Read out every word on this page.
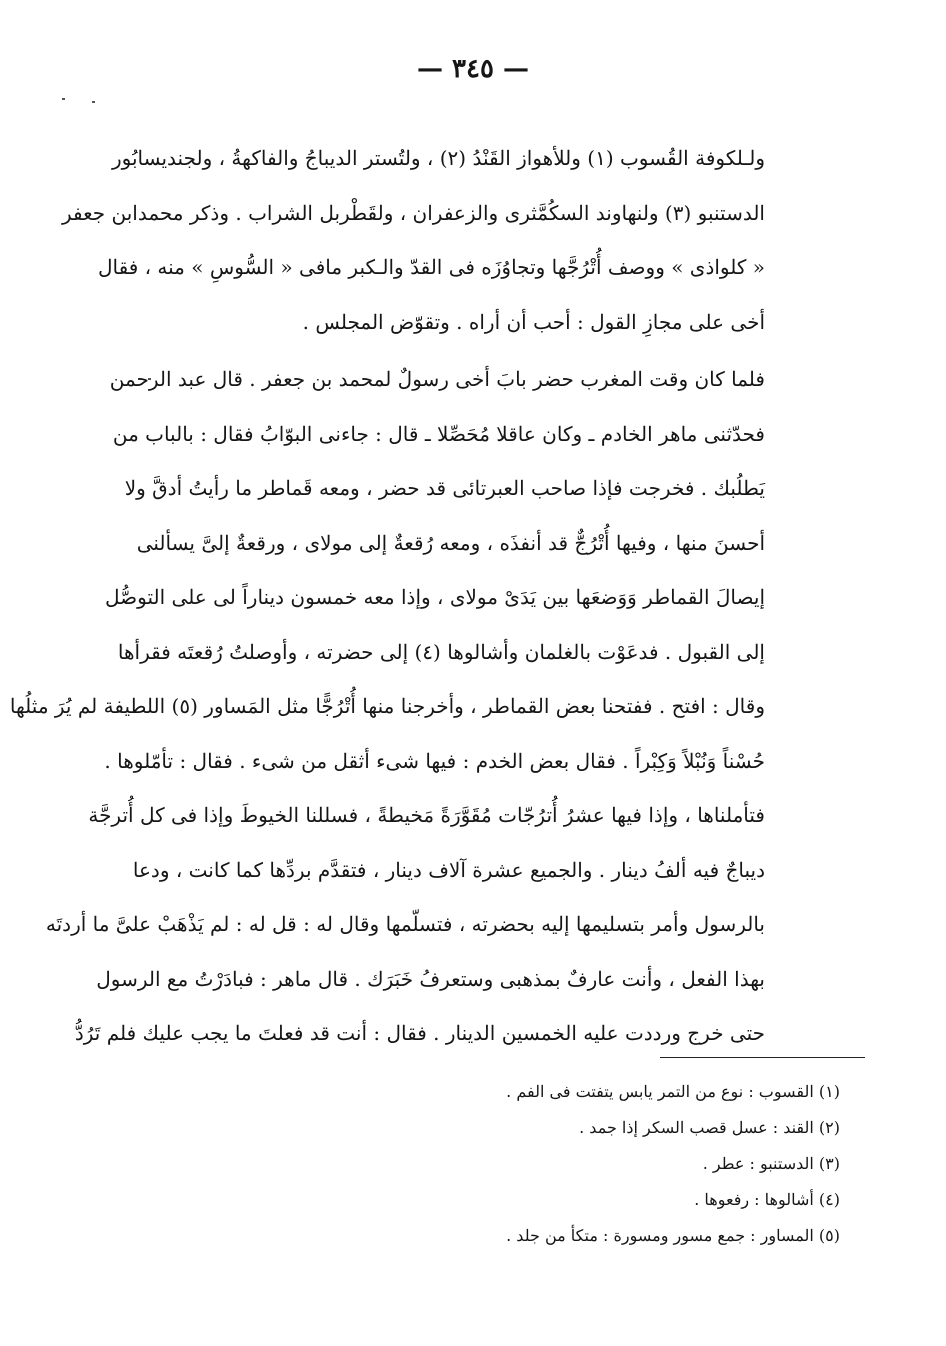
— ٣٤٥ —
ولـلكوفة القُسوب (١) وللأهواز القَنْدُ (٢) ، ولتُستر الديباجُ والفاكهةُ ، ولجنديسابُور
الدستنبو (٣) ولنهاوند السكُمَّثرى والزعفران ، ولقَطْربل الشراب . وذكر محمدابن جعفر
« كلواذى » ووصف أُتْرُجَّها وتجاوُزَه فى القدّ والـكبر مافى « السُّوسِ » منه ، فقال
أخى على مجازِ القول : أحب أن أراه . وتقوّض المجلس .
فلما كان وقت المغرب حضر بابَ أخى رسولٌ لمحمد بن جعفر . قال عبد الرحمن
فحدّثنى ماهر الخادم ـ وكان عاقلا مُحَصِّلا ـ قال : جاءنى البوّابُ فقال : بالباب من
يَطلُبك . فخرجت فإذا صاحب العبرتائى قد حضر ، ومعه قَماطر ما رأيتُ أدقَّ ولا
أحسنَ منها ، وفيها أُتْرُجٌّ قد أنفذَه ، ومعه رُقعةٌ إلى مولاى ، ورقعةٌ إلىَّ يسألنى
إيصالَ القماطر وَوَضعَها بين يَدَىْ مولاى ، وإذا معه خمسون ديناراً لى على التوصُّل
إلى القبول . فدعَوْت بالغلمان وأشالوها (٤) إلى حضرته ، وأوصلتُ رُقعتَه فقرأها
وقال : افتح . ففتحنا بعض القماطر ، وأخرجنا منها أُتْرُجًّا مثل المَساور (٥) اللطيفة لم يُرَ مثلُها
حُسْناً وَنُبْلاً وَكِبْراً . فقال بعض الخدم : فيها شىء أثقل من شىء . فقال : تأمّلوها .
فتأملناها ، وإذا فيها عشرُ أُترُجّات مُقَوَّرَةً مَخيطةً ، فسللنا الخيوطَ وإذا فى كل أُترجَّة
ديباجٌ فيه ألفُ دينار . والجميع عشرة آلاف دينار ، فتقدَّم بردِّها كما كانت ، ودعا
بالرسول وأمر بتسليمها إليه بحضرته ، فتسلّمها وقال له : قل له : لم يَذْهَبْ علىَّ ما أردتَه
بهذا الفعل ، وأنت عارفٌ بمذهبى وستعرفُ خَبَرَك . قال ماهر : فبادَرْتُ مع الرسول
حتى خرج ورددت عليه الخمسين الدينار . فقال : أنت قد فعلتَ ما يجب عليك فلم تَرُدُّ
(١) القسوب : نوع من التمر يابس يتفتت فى الفم .
(٢) القند : عسل قصب السكر إذا جمد .
(٣) الدستنبو : عطر .
(٤) أشالوها : رفعوها .
(٥) المساور : جمع مسور ومسورة : متكأ من جلد .
